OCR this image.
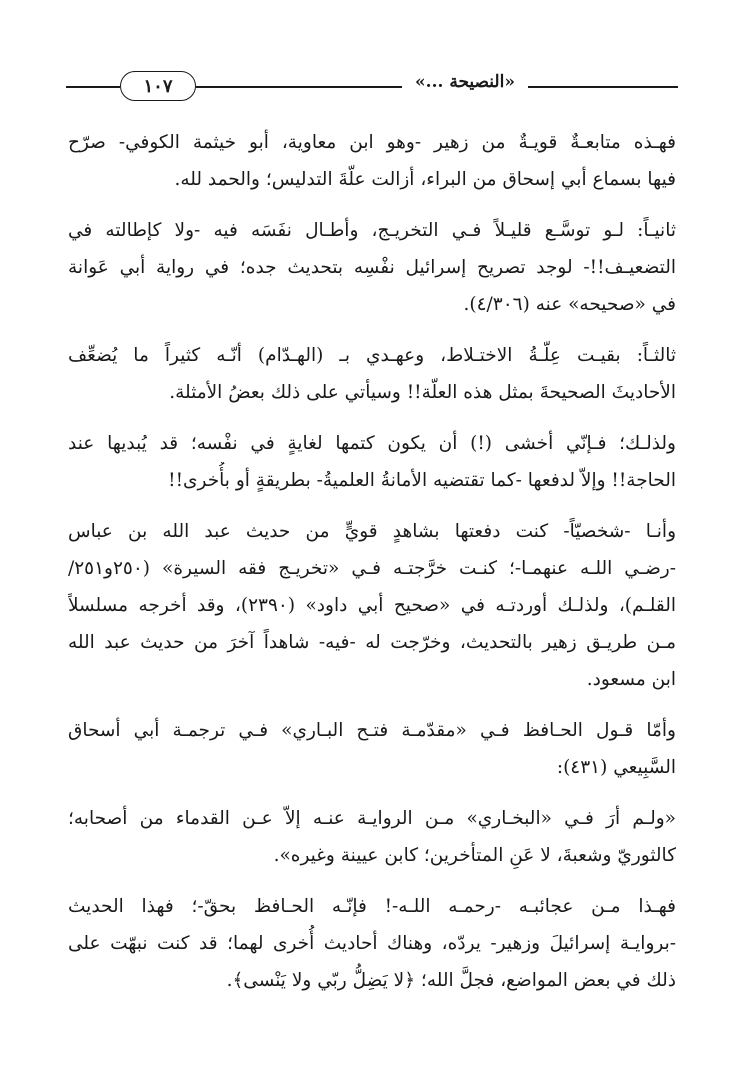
١٠٧	«النصيحة ...»
فهـذه متابعـةٌ قويـةٌ من زهير -وهو ابن معاوية، أبو خيثمة الكوفي- صرّح
فيها بسماع أبي إسحاق من البراء، أزالت علّةَ التدليس؛ والحمد لله.
ثانيـاً: لـو توسَّـع قليـلاً فـي التخريـج، وأطـال نفَسَه فيه -ولا كإطالته في
التضعيـف!!- لوجد تصريح إسرائيل نفْسِه بتحديث جده؛ في رواية أبي عَوانة
في «صحيحه» عنه (٤/٣٠٦).
ثالثـاً: بقيـت عِلّـةُ الاختـلاط، وعهـدي بـ (الهـدّام) أنّـه كثيراً ما يُضعِّف
الأحاديثَ الصحيحةَ بمثل هذه العلّة!! وسيأتي على ذلك بعضُ الأمثلة.
ولذلـك؛ فـإنّي أخشى (!) أن يكون كتمها لغايةٍ في نفْسه؛ قد يُبديها عند
الحاجة!! وإلاّ لدفعها -كما تقتضيه الأمانةُ العلميةُ- بطريقةٍ أو بأُخرى!!
وأنـا -شخصيّاً- كنت دفعتها بشاهدٍ قويٍّ من حديث عبد الله بن عباس
-رضـي اللـه عنهمـا-؛ كنـت خرَّجتـه فـي «تخريـج فقه السيرة» (٢٥٠و٢٥١/
القلـم)، ولذلـك أوردتـه في «صحيح أبي داود» (٢٣٩٠)، وقد أخرجه مسلسلاً
مـن طريـق زهير بالتحديث، وخرّجت له -فيه- شاهداً آخرَ من حديث عبد الله
ابن مسعود.
وأمّا قـول الحـافظ فـي «مقدّمـة فتـح البـاري» فـي ترجمـة أبي أسحاق
السَّبِيعي (٤٣١):
«ولـم أرَ فـي «البخـاري» مـن الروايـة عنـه إلاّ عـن القدماء من أصحابه؛
كالثوريّ وشعبةَ، لا عَنِ المتأخرين؛ كابن عيينة وغيره».
فهـذا مـن عجائبـه -رحمـه اللـه-! فإنّـه الحـافظ بحقّ-؛ فهذا الحديث
-بروايـة إسرائيلَ وزهير- يردّه، وهناك أحاديث أُخرى لهما؛ قد كنت نبهّت على
ذلك في بعض المواضع، فجلَّ الله؛ ﴿لا يَضِلُّ ربّي ولا يَنْسى﴾.
